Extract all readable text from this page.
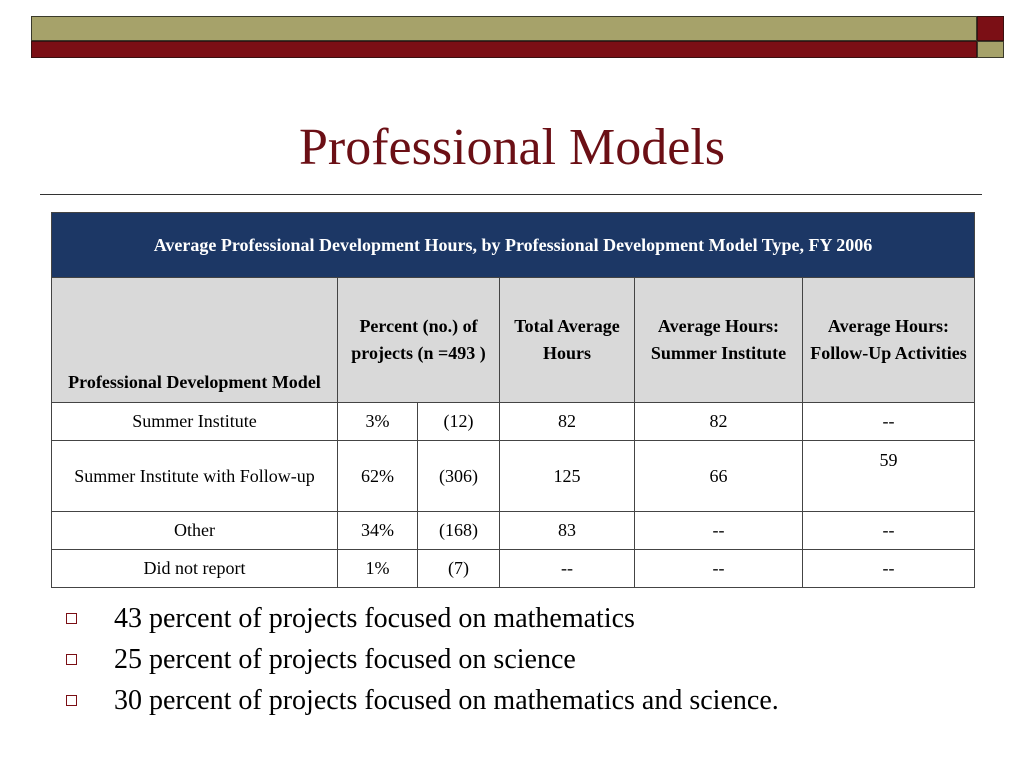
Professional Models
Average Professional Development Hours, by Professional Development Model Type, FY 2006					
Professional Development Model	Percent (no.) of projects (n =493 )		Total Average Hours	Average Hours: Summer Institute	Average Hours: Follow-Up Activities
Summer Institute	3%	(12)	82	82	--
Summer Institute with Follow-up	62%	(306)	125	66	59
Other	34%	(168)	83	--	--
Did not report	1%	(7)	--	--	--
43 percent of projects focused on mathematics
25 percent of projects focused on science
30 percent of projects focused on mathematics and science.
